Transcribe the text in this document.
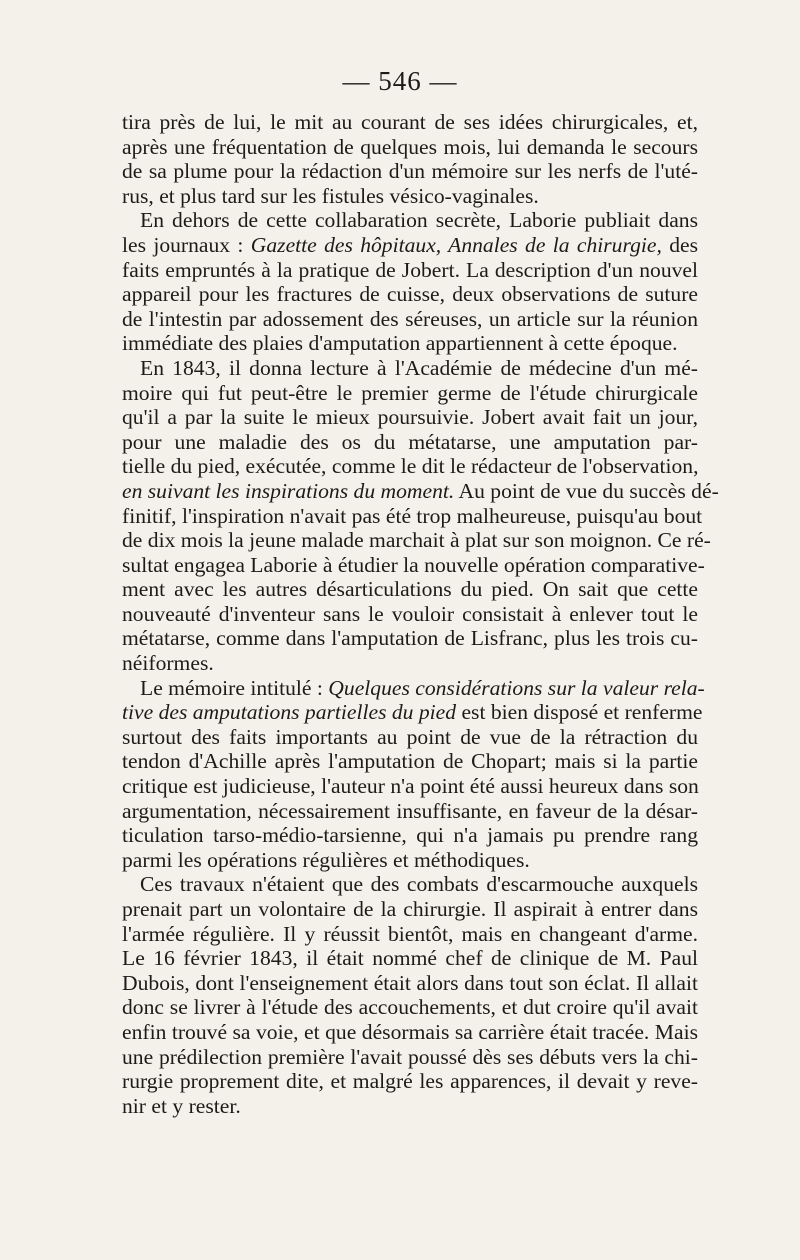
— 546 —
tira près de lui, le mit au courant de ses idées chirurgicales, et,
après une fréquentation de quelques mois, lui demanda le secours
de sa plume pour la rédaction d'un mémoire sur les nerfs de l'uté-
rus, et plus tard sur les fistules vésico-vaginales.
En dehors de cette collabaration secrète, Laborie publiait dans
les journaux : Gazette des hôpitaux, Annales de la chirurgie, des
faits empruntés à la pratique de Jobert. La description d'un nouvel
appareil pour les fractures de cuisse, deux observations de suture
de l'intestin par adossement des séreuses, un article sur la réunion
immédiate des plaies d'amputation appartiennent à cette époque.
En 1843, il donna lecture à l'Académie de médecine d'un mé-
moire qui fut peut-être le premier germe de l'étude chirurgicale
qu'il a par la suite le mieux poursuivie. Jobert avait fait un jour,
pour une maladie des os du métatarse, une amputation par-
tielle du pied, exécutée, comme le dit le rédacteur de l'observation,
en suivant les inspirations du moment. Au point de vue du succès dé-
finitif, l'inspiration n'avait pas été trop malheureuse, puisqu'au bout
de dix mois la jeune malade marchait à plat sur son moignon. Ce ré-
sultat engagea Laborie à étudier la nouvelle opération comparative-
ment avec les autres désarticulations du pied. On sait que cette
nouveauté d'inventeur sans le vouloir consistait à enlever tout le
métatarse, comme dans l'amputation de Lisfranc, plus les trois cu-
néiformes.
Le mémoire intitulé : Quelques considérations sur la valeur rela-
tive des amputations partielles du pied est bien disposé et renferme
surtout des faits importants au point de vue de la rétraction du
tendon d'Achille après l'amputation de Chopart; mais si la partie
critique est judicieuse, l'auteur n'a point été aussi heureux dans son
argumentation, nécessairement insuffisante, en faveur de la désar-
ticulation tarso-médio-tarsienne, qui n'a jamais pu prendre rang
parmi les opérations régulières et méthodiques.
Ces travaux n'étaient que des combats d'escarmouche auxquels
prenait part un volontaire de la chirurgie. Il aspirait à entrer dans
l'armée régulière. Il y réussit bientôt, mais en changeant d'arme.
Le 16 février 1843, il était nommé chef de clinique de M. Paul
Dubois, dont l'enseignement était alors dans tout son éclat. Il allait
donc se livrer à l'étude des accouchements, et dut croire qu'il avait
enfin trouvé sa voie, et que désormais sa carrière était tracée. Mais
une prédilection première l'avait poussé dès ses débuts vers la chi-
rurgie proprement dite, et malgré les apparences, il devait y reve-
nir et y rester.
